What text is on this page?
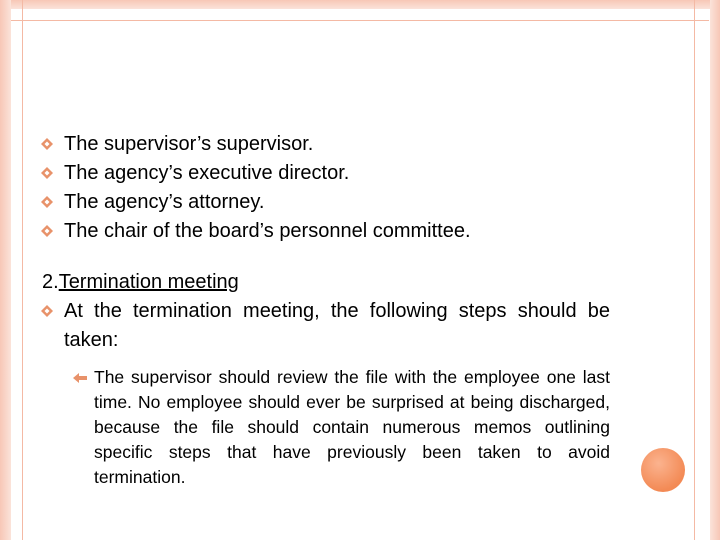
The supervisor’s supervisor.
The agency’s executive director.
The agency’s attorney.
The chair of the board’s personnel committee.
2.Termination meeting
At the termination meeting, the following steps should be taken:
The supervisor should review the file with the employee one last time. No employee should ever be surprised at being discharged, because the file should contain numerous memos outlining specific steps that have previously been taken to avoid termination.
